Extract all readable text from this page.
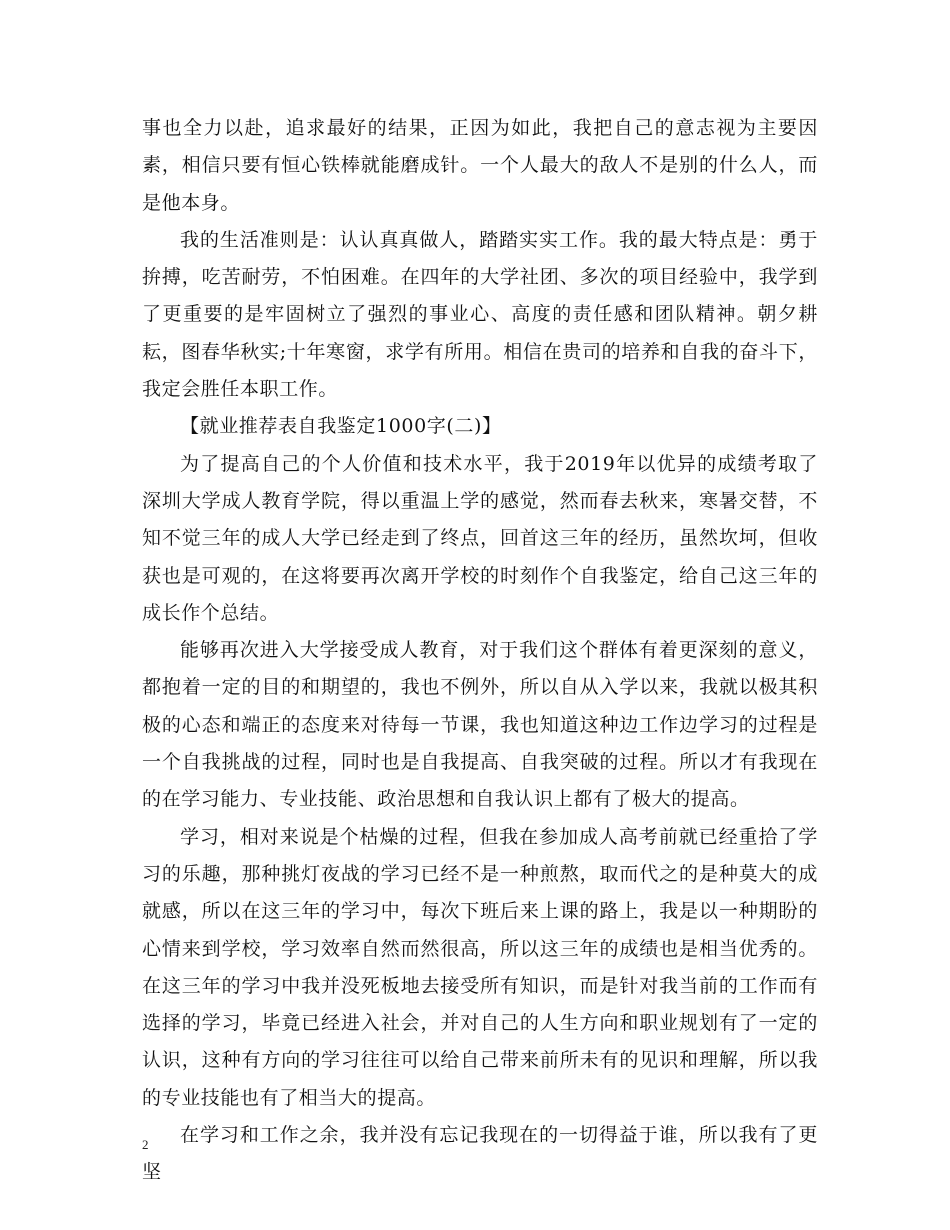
事也全力以赴，追求最好的结果，正因为如此，我把自己的意志视为主要因素，相信只要有恒心铁棒就能磨成针。一个人最大的敌人不是别的什么人，而是他本身。

我的生活准则是：认认真真做人，踏踏实实工作。我的最大特点是：勇于拚搏，吃苦耐劳，不怕困难。在四年的大学社团、多次的项目经验中，我学到了更重要的是牢固树立了强烈的事业心、高度的责任感和团队精神。朝夕耕耘，图春华秋实;十年寒窗，求学有所用。相信在贵司的培养和自我的奋斗下，我定会胜任本职工作。

【就业推荐表自我鉴定1000字(二)】

为了提高自己的个人价值和技术水平，我于2019年以优异的成绩考取了深圳大学成人教育学院，得以重温上学的感觉，然而春去秋来，寒暑交替，不知不觉三年的成人大学已经走到了终点，回首这三年的经历，虽然坎坷，但收获也是可观的，在这将要再次离开学校的时刻作个自我鉴定，给自己这三年的成长作个总结。

能够再次进入大学接受成人教育，对于我们这个群体有着更深刻的意义，都抱着一定的目的和期望的，我也不例外，所以自从入学以来，我就以极其积极的心态和端正的态度来对待每一节课，我也知道这种边工作边学习的过程是一个自我挑战的过程，同时也是自我提高、自我突破的过程。所以才有我现在的在学习能力、专业技能、政治思想和自我认识上都有了极大的提高。

学习，相对来说是个枯燥的过程，但我在参加成人高考前就已经重拾了学习的乐趣，那种挑灯夜战的学习已经不是一种煎熬，取而代之的是种莫大的成就感，所以在这三年的学习中，每次下班后来上课的路上，我是以一种期盼的心情来到学校，学习效率自然而然很高，所以这三年的成绩也是相当优秀的。 在这三年的学习中我并没死板地去接受所有知识，而是针对我当前的工作而有选择的学习，毕竟已经进入社会，并对自己的人生方向和职业规划有了一定的认识，这种有方向的学习往往可以给自己带来前所未有的见识和理解，所以我的专业技能也有了相当大的提高。

在学习和工作之余，我并没有忘记我现在的一切得益于谁，所以我有了更坚

2
